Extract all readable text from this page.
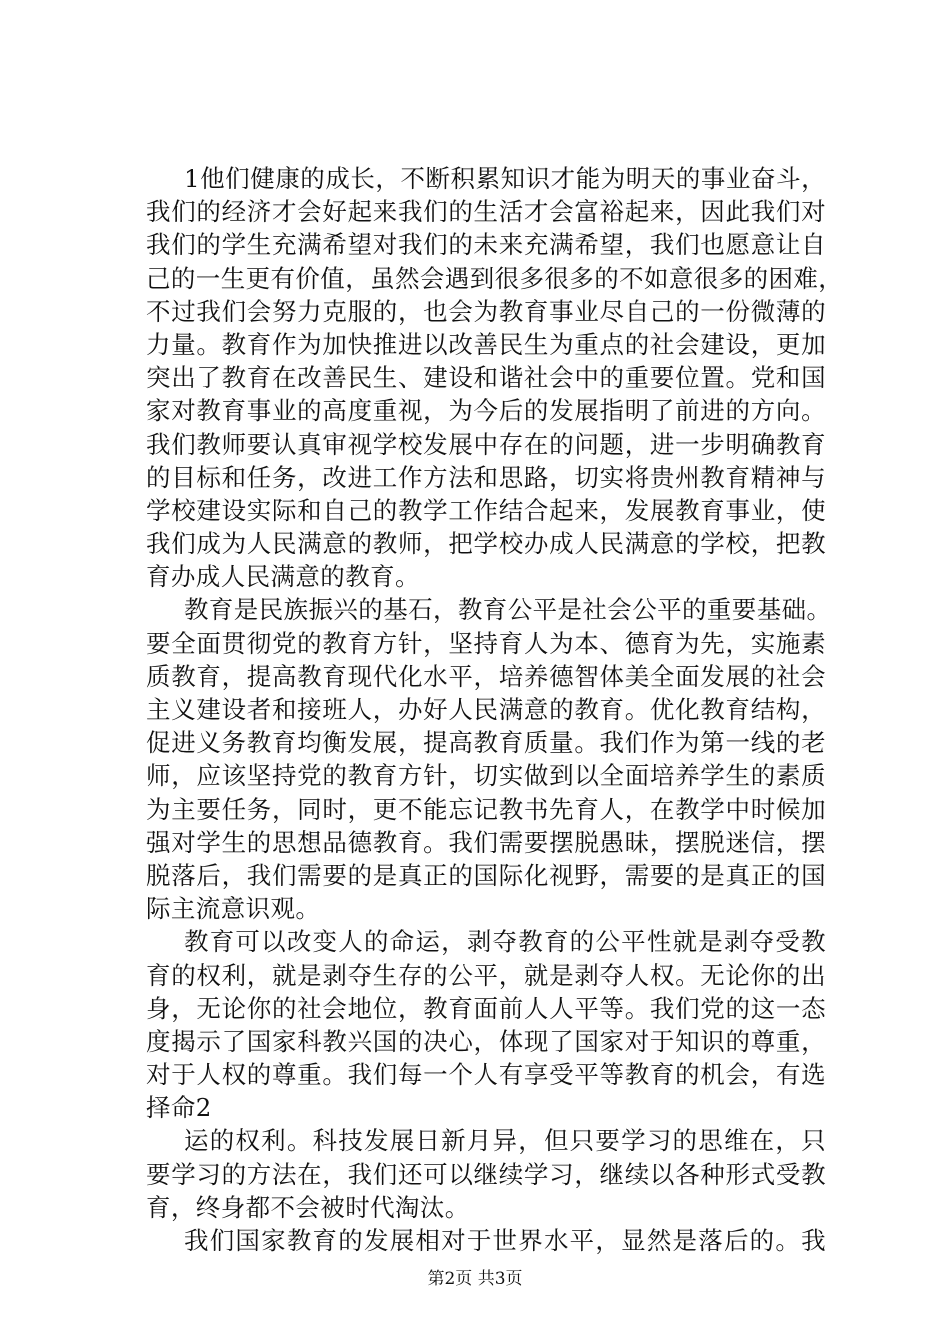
1他们健康的成长，不断积累知识才能为明天的事业奋斗，
我们的经济才会好起来我们的生活才会富裕起来，因此我们对
我们的学生充满希望对我们的未来充满希望，我们也愿意让自
己的一生更有价值，虽然会遇到很多很多的不如意很多的困难，
不过我们会努力克服的，也会为教育事业尽自己的一份微薄的
力量。教育作为加快推进以改善民生为重点的社会建设，更加
突出了教育在改善民生、建设和谐社会中的重要位置。党和国
家对教育事业的高度重视，为今后的发展指明了前进的方向。
我们教师要认真审视学校发展中存在的问题，进一步明确教育
的目标和任务，改进工作方法和思路，切实将贵州教育精神与
学校建设实际和自己的教学工作结合起来，发展教育事业，使
我们成为人民满意的教师，把学校办成人民满意的学校，把教
育办成人民满意的教育。

教育是民族振兴的基石，教育公平是社会公平的重要基础。
要全面贯彻党的教育方针，坚持育人为本、德育为先，实施素
质教育，提高教育现代化水平，培养德智体美全面发展的社会
主义建设者和接班人，办好人民满意的教育。优化教育结构，
促进义务教育均衡发展，提高教育质量。我们作为第一线的老
师，应该坚持党的教育方针，切实做到以全面培养学生的素质
为主要任务，同时，更不能忘记教书先育人，在教学中时候加
强对学生的思想品德教育。我们需要摆脱愚昧，摆脱迷信，摆
脱落后，我们需要的是真正的国际化视野，需要的是真正的国
际主流意识观。

教育可以改变人的命运，剥夺教育的公平性就是剥夺受教
育的权利，就是剥夺生存的公平，就是剥夺人权。无论你的出
身，无论你的社会地位，教育面前人人平等。我们党的这一态
度揭示了国家科教兴国的决心，体现了国家对于知识的尊重，
对于人权的尊重。我们每一个人有享受平等教育的机会，有选
择命2

运的权利。科技发展日新月异，但只要学习的思维在，只
要学习的方法在，我们还可以继续学习，继续以各种形式受教
育，终身都不会被时代淘汰。

我们国家教育的发展相对于世界水平，显然是落后的。我

第2页 共3页
